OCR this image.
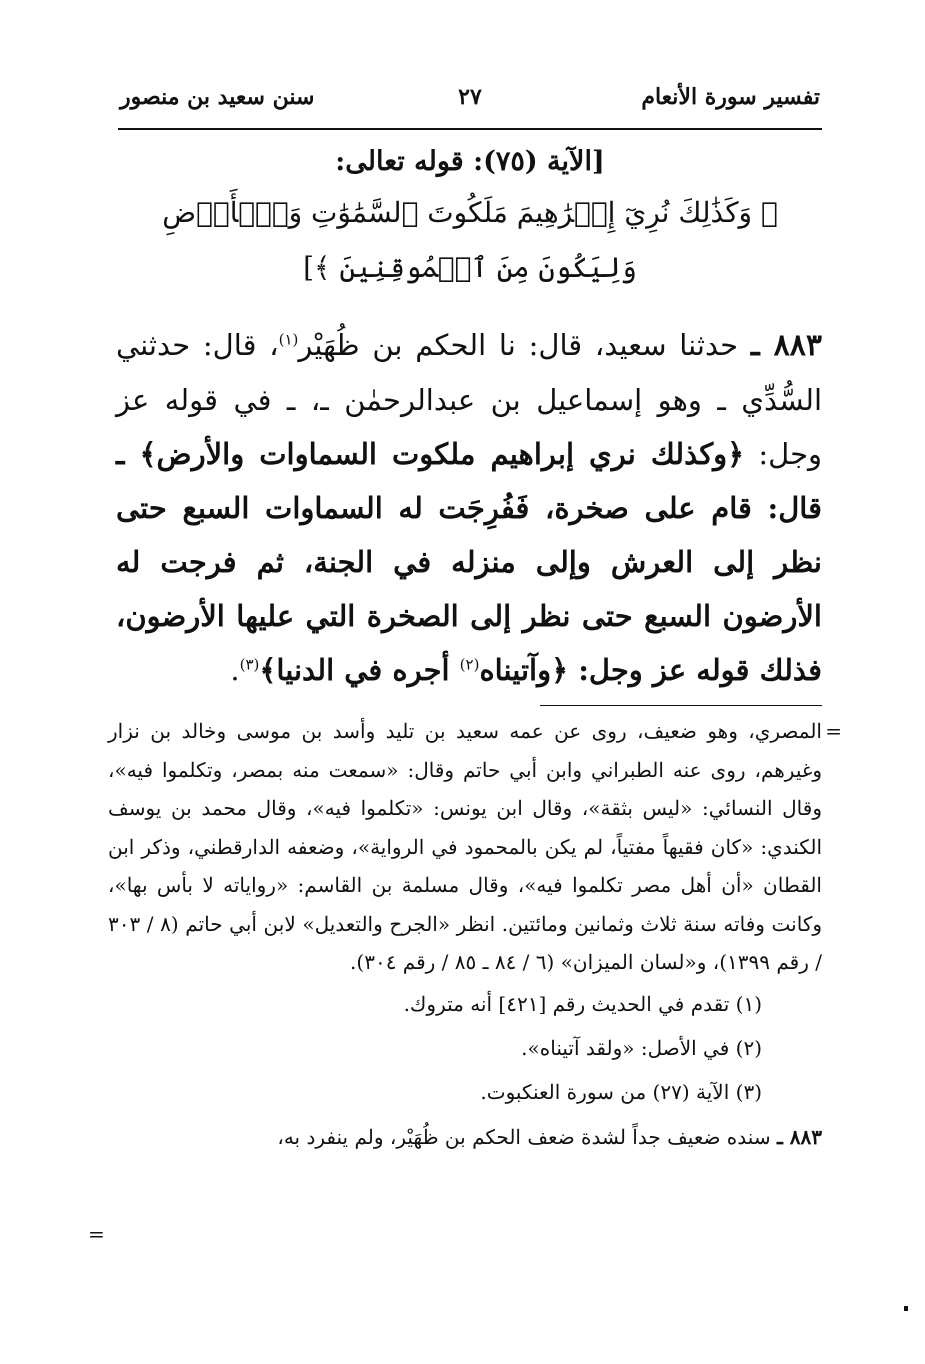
تفسير سورة الأنعام
٢٧
سنن سعيد بن منصور
[الآية (٧٥): قوله تعالى:
﴿ وَكَذَٰلِكَ نُرِيٓ إِبۡرَٰهِيمَ مَلَكُوتَ ٱلسَّمَٰوَٰتِ وَٱلۡأَرۡضِ
وَلِيَكُونَ مِنَ ٱلۡمُوقِنِينَ ﴾]
٨٨٣ ـ حدثنا سعيد، قال: نا الحكم بن ظُهَيْر$^{(١)}$، قال: حدثني السُّدِّي ـ وهو إسماعيل بن عبدالرحمٰن ـ، ـ في قوله عز وجل: ﴿وكذلك نري إبراهيم ملكوت السماوات والأرض﴾ ـ قال: قام على صخرة، فَفُرِجَت له السماوات السبع حتى نظر إلى العرش وإلى منزله في الجنة، ثم فرجت له الأرضون السبع حتى نظر إلى الصخرة التي عليها الأرضون، فذلك قوله عز وجل: ﴿وآتيناه$^{(٢)}$ أجره في الدنيا﴾$^{(٣)}$.
=
المصري، وهو ضعيف، روى عن عمه سعيد بن تليد وأسد بن موسى وخالد بن نزار وغيرهم، روى عنه الطبراني وابن أبي حاتم وقال: «سمعت منه بمصر، وتكلموا فيه»، وقال النسائي: «ليس بثقة»، وقال ابن يونس: «تكلموا فيه»، وقال محمد بن يوسف الكندي: «كان فقيهاً مفتياً، لم يكن بالمحمود في الرواية»، وضعفه الدارقطني، وذكر ابن القطان «أن أهل مصر تكلموا فيه»، وقال مسلمة بن القاسم: «رواياته لا بأس بها»، وكانت وفاته سنة ثلاث وثمانين ومائتين. انظر «الجرح والتعديل» لابن أبي حاتم (٨ / ٣٠٣ / رقم ١٣٩٩)، و«لسان الميزان» (٦ / ٨٤ ـ ٨٥ / رقم ٣٠٤).
(١) تقدم في الحديث رقم [٤٢١] أنه متروك.
(٢) في الأصل: «ولقد آتيناه».
(٣) الآية (٢٧) من سورة العنكبوت.
٨٨٣ ـ سنده ضعيف جداً لشدة ضعف الحكم بن ظُهَيْر، ولم ينفرد به،
=
